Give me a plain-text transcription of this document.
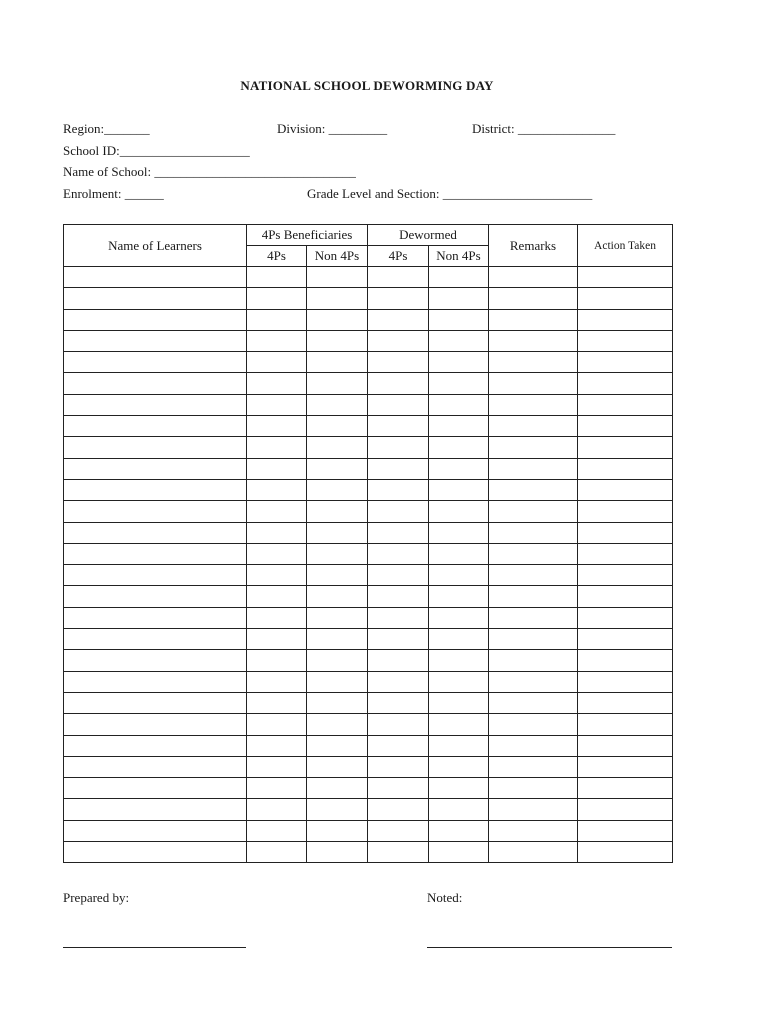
NATIONAL SCHOOL DEWORMING DAY
Region:_______	Division: _________	District: _______________
School ID:____________________
Name of School: _______________________________
Enrolment: ______	Grade Level and Section: _______________________
Name of Learners	4Ps Beneficiaries		Dewormed		Remarks	Action Taken
	4Ps	Non 4Ps	4Ps	Non 4Ps		

Prepared by:	Noted:
